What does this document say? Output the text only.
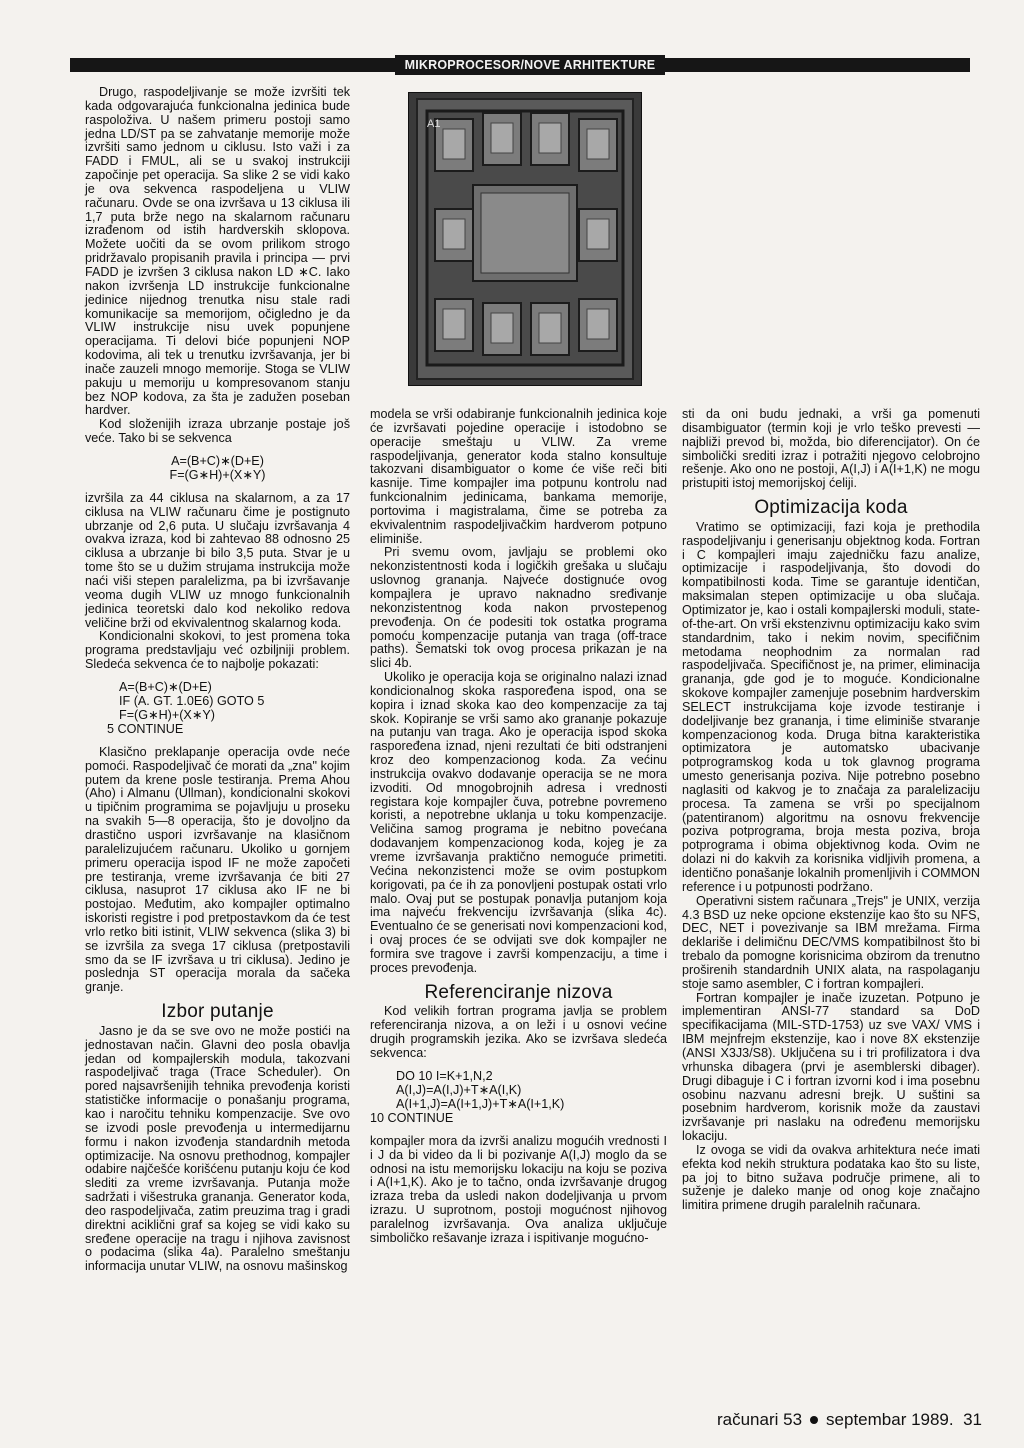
MIKROPROCESOR/NOVE ARHITEKTURE
A1

Drugo, raspodeljivanje se može izvršiti tek kada odgovarajuća funkcionalna jedinica bude raspoloživa. U našem primeru postoji samo jedna LD/ST pa se zahvatanje memorije može izvršiti samo jednom u ciklusu. Isto važi i za FADD i FMUL, ali se u svakoj instrukciji započinje pet operacija. Sa slike 2 se vidi kako je ova sekvenca raspodeljena u VLIW računaru. Ovde se ona izvršava u 13 ciklusa ili 1,7 puta brže nego na skalarnom računaru izrađenom od istih hardverskih sklopova. Možete uočiti da se ovom prilikom strogo pridržavalo propisanih pravila i principa — prvi FADD je izvršen 3 ciklusa nakon LD ∗C. Iako nakon izvršenja LD instrukcije funkcionalne jedinice nijednog trenutka nisu stale radi komunikacije sa memorijom, očigledno je da VLIW instrukcije nisu uvek popunjene operacijama. Ti delovi biće popunjeni NOP kodovima, ali tek u trenutku izvršavanja, jer bi inače zauzeli mnogo memorije. Stoga se VLIW pakuju u memoriju u kompresovanom stanju bez NOP kodova, za šta je zadužen poseban hardver.

Kod složenijih izraza ubrzanje postaje još veće. Tako bi se sekvenca

A=(B+C)∗(D+E)
F=(G∗H)+(X∗Y)

izvršila za 44 ciklusa na skalarnom, a za 17 ciklusa na VLIW računaru čime je postignuto ubrzanje od 2,6 puta. U slučaju izvršavanja 4 ovakva izraza, kod bi zahtevao 88 odnosno 25 ciklusa a ubrzanje bi bilo 3,5 puta. Stvar je u tome što se u dužim strujama instrukcija može naći viši stepen paralelizma, pa bi izvršavanje veoma dugih VLIW uz mnogo funkcionalnih jedinica teoretski dalo kod nekoliko redova veličine brži od ekvivalentnog skalarnog koda.

Kondicionalni skokovi, to jest promena toka programa predstavljaju već ozbiljniji problem. Sledeća sekvenca će to najbolje pokazati:

A=(B+C)∗(D+E)
IF (A. GT. 1.0E6) GOTO 5
F=(G∗H)+(X∗Y)
5 CONTINUE

Klasično preklapanje operacija ovde neće pomoći. Raspodeljivač će morati da „zna" kojim putem da krene posle testiranja. Prema Ahou (Aho) i Almanu (Ullman), kondicionalni skokovi u tipičnim programima se pojavljuju u proseku na svakih 5—8 operacija, što je dovoljno da drastično uspori izvršavanje na klasičnom paralelizujućem računaru. Ukoliko u gornjem primeru operacija ispod IF ne može započeti pre testiranja, vreme izvršavanja će biti 27 ciklusa, nasuprot 17 ciklusa ako IF ne bi postojao. Međutim, ako kompajler optimalno iskoristi registre i pod pretpostavkom da će test vrlo retko biti istinit, VLIW sekvenca (slika 3) bi se izvršila za svega 17 ciklusa (pretpostavili smo da se IF izvršava u tri ciklusa). Jedino je poslednja ST operacija morala da sačeka granje.

Izbor putanje

Jasno je da se sve ovo ne može postići na jednostavan način. Glavni deo posla obavlja jedan od kompajlerskih modula, takozvani raspodeljivač traga (Trace Scheduler). On pored najsavršenijih tehnika prevođenja koristi statističke informacije o ponašanju programa, kao i naročitu tehniku kompenzacije. Sve ovo se izvodi posle prevođenja u intermedijarnu formu i nakon izvođenja standardnih metoda optimizacije. Na osnovu prethodnog, kompajler odabire najčešće korišćenu putanju koju će kod slediti za vreme izvršavanja. Putanja može sadržati i višestruka grananja. Generator koda, deo raspodeljivača, zatim preuzima trag i gradi direktni aciklični graf sa kojeg se vidi kako su sređene operacije na tragu i njihova zavisnost o podacima (slika 4a). Paralelno smeštanju informacija unutar VLIW, na osnovu mašinskog

modela se vrši odabiranje funkcionalnih jedinica koje će izvršavati pojedine operacije i istodobno se operacije smeštaju u VLIW. Za vreme raspodeljivanja, generator koda stalno konsultuje takozvani disambiguator o kome će više reči biti kasnije. Time kompajler ima potpunu kontrolu nad funkcionalnim jedinicama, bankama memorije, portovima i magistralama, čime se potreba za ekvivalentnim raspodeljivačkim hardverom potpuno eliminiše.

Pri svemu ovom, javljaju se problemi oko nekonzistentnosti koda i logičkih grešaka u slučaju uslovnog grananja. Najveće dostignuće ovog kompajlera je upravo naknadno sređivanje nekonzistentnog koda nakon prvostepenog prevođenja. On će podesiti tok ostatka programa pomoću kompenzacije putanja van traga (off-trace paths). Šematski tok ovog procesa prikazan je na slici 4b.

Ukoliko je operacija koja se originalno nalazi iznad kondicionalnog skoka raspoređena ispod, ona se kopira i iznad skoka kao deo kompenzacije za taj skok. Kopiranje se vrši samo ako grananje pokazuje na putanju van traga. Ako je operacija ispod skoka raspoređena iznad, njeni rezultati će biti odstranjeni kroz deo kompenzacionog koda. Za većinu instrukcija ovakvo dodavanje operacija se ne mora izvoditi. Od mnogobrojnih adresa i vrednosti registara koje kompajler čuva, potrebne povremeno koristi, a nepotrebne uklanja u toku kompenzacije. Veličina samog programa je nebitno povećana dodavanjem kompenzacionog koda, kojeg je za vreme izvršavanja praktično nemoguće primetiti. Većina nekonzistenci može se ovim postupkom korigovati, pa će ih za ponovljeni postupak ostati vrlo malo. Ovaj put se postupak ponavlja putanjom koja ima najveću frekvenciju izvršavanja (slika 4c). Eventualno će se generisati novi kompenzacioni kod, i ovaj proces će se odvijati sve dok kompajler ne formira sve tragove i završi kompenzaciju, a time i proces prevođenja.

Referenciranje nizova

Kod velikih fortran programa javlja se problem referenciranja nizova, a on leži i u osnovi većine drugih programskih jezika. Ako se izvršava sledeća sekvenca:

DO 10 I=K+1,N,2
A(I,J)=A(I,J)+T∗A(I,K)
A(I+1,J)=A(I+1,J)+T∗A(I+1,K)
10 CONTINUE

kompajler mora da izvrši analizu mogućih vrednosti I i J da bi video da li bi pozivanje A(I,J) moglo da se odnosi na istu memorijsku lokaciju na koju se poziva i A(I+1,K). Ako je to tačno, onda izvršavanje drugog izraza treba da usledi nakon dodeljivanja u prvom izrazu. U suprotnom, postoji mogućnost njihovog paralelnog izvršavanja. Ova analiza uključuje simboličko rešavanje izraza i ispitivanje mogućno-

sti da oni budu jednaki, a vrši ga pomenuti disambiguator (termin koji je vrlo teško prevesti — najbliži prevod bi, možda, bio diferencijator). On će simbolički srediti izraz i potražiti njegovo celobrojno rešenje. Ako ono ne postoji, A(I,J) i A(I+1,K) ne mogu pristupiti istoj memorijskoj ćeliji.

Optimizacija koda

Vratimo se optimizaciji, fazi koja je prethodila raspodeljivanju i generisanju objektnog koda. Fortran i C kompajleri imaju zajedničku fazu analize, optimizacije i raspodeljivanja, što dovodi do kompatibilnosti koda. Time se garantuje identičan, maksimalan stepen optimizacije u oba slučaja. Optimizator je, kao i ostali kompajlerski moduli, state-of-the-art. On vrši ekstenzivnu optimizaciju kako svim standardnim, tako i nekim novim, specifičnim metodama neophodnim za normalan rad raspodeljivača. Specifičnost je, na primer, eliminacija grananja, gde god je to mogućе. Kondicionalne skokove kompajler zamenjuje posebnim hardverskim SELECT instrukcijama koje izvode testiranje i dodeljivanje bez grananja, i time eliminiše stvaranje kompenzacionog koda. Druga bitna karakteristika optimizatora je automatsko ubacivanje potprogramskog koda u tok glavnog programa umesto generisanja poziva. Nije potrebno posebno naglasiti od kakvog je to značaja za paralelizaciju procesa. Ta zamena se vrši po specijalnom (patentiranom) algoritmu na osnovu frekvencije poziva potprograma, broja mesta poziva, broja potprograma i obima objektivnog koda. Ovim ne dolazi ni do kakvih za korisnika vidljivih promena, a identično ponašanje lokalnih promenljivih i COMMON reference i u potpunosti podržano.

Operativni sistem računara „Trejs" je UNIX, verzija 4.3 BSD uz neke opcione ekstenzije kao što su NFS, DEC, NET i povezivanje sa IBM mrežama. Firma deklariše i delimičnu DEC/VMS kompatibilnost što bi trebalo da pomogne korisnicima obzirom da trenutno proširenih standardnih UNIX alata, na raspolaganju stoje samo asembler, C i fortran kompajleri.

Fortran kompajler je inače izuzetan. Potpuno je implementiran ANSI-77 standard sa DoD specifikacijama (MIL-STD-1753) uz sve VAX/ VMS i IBM mejnfrejm ekstenzije, kao i nove 8X ekstenzije (ANSI X3J3/S8). Uključena su i tri profilizatora i dva vrhunska dibagera (prvi je asemblerski dibager). Drugi dibaguje i C i fortran izvorni kod i ima posebnu osobinu nazvanu adresni brejk. U suštini sa posebnim hardverom, korisnik može da zaustavi izvršavanje pri naslaku na određenu memorijsku lokaciju.

Iz ovoga se vidi da ovakva arhitektura neće imati efekta kod nekih struktura podataka kao što su liste, pa joj to bitno sužava područje primene, ali to suženje je daleko manje od onog koje značajno limitira primene drugih paralelnih računara.

računari 53 septembar 1989. 31
